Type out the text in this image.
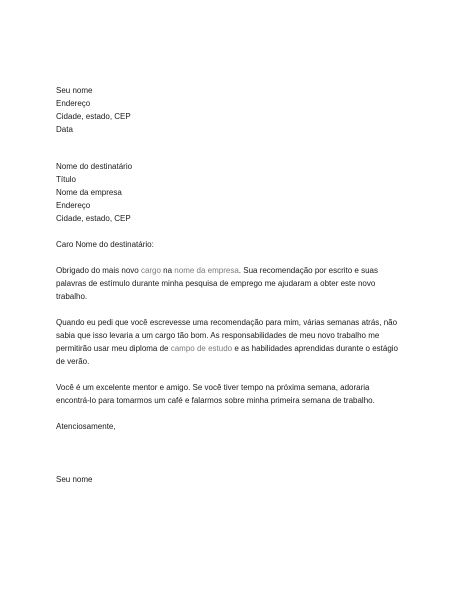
Seu nome
Endereço
Cidade, estado, CEP
Data
Nome do destinatário
Título
Nome da empresa
Endereço
Cidade, estado, CEP

Caro Nome do destinatário:

Obrigado do mais novo cargo na nome da empresa. Sua recomendação por escrito e suas
palavras de estímulo durante minha pesquisa de emprego me ajudaram a obter este novo
trabalho.

Quando eu pedi que você escrevesse uma recomendação para mim, várias semanas atrás, não
sabia que isso levaria a um cargo tão bom. As responsabilidades de meu novo trabalho me
permitirão usar meu diploma de campo de estudo e as habilidades aprendidas durante o estágio
de verão.

Você é um excelente mentor e amigo. Se você tiver tempo na próxima semana, adoraria
encontrá-lo para tomarmos um café e falarmos sobre minha primeira semana de trabalho.

Atenciosamente,

Seu nome
